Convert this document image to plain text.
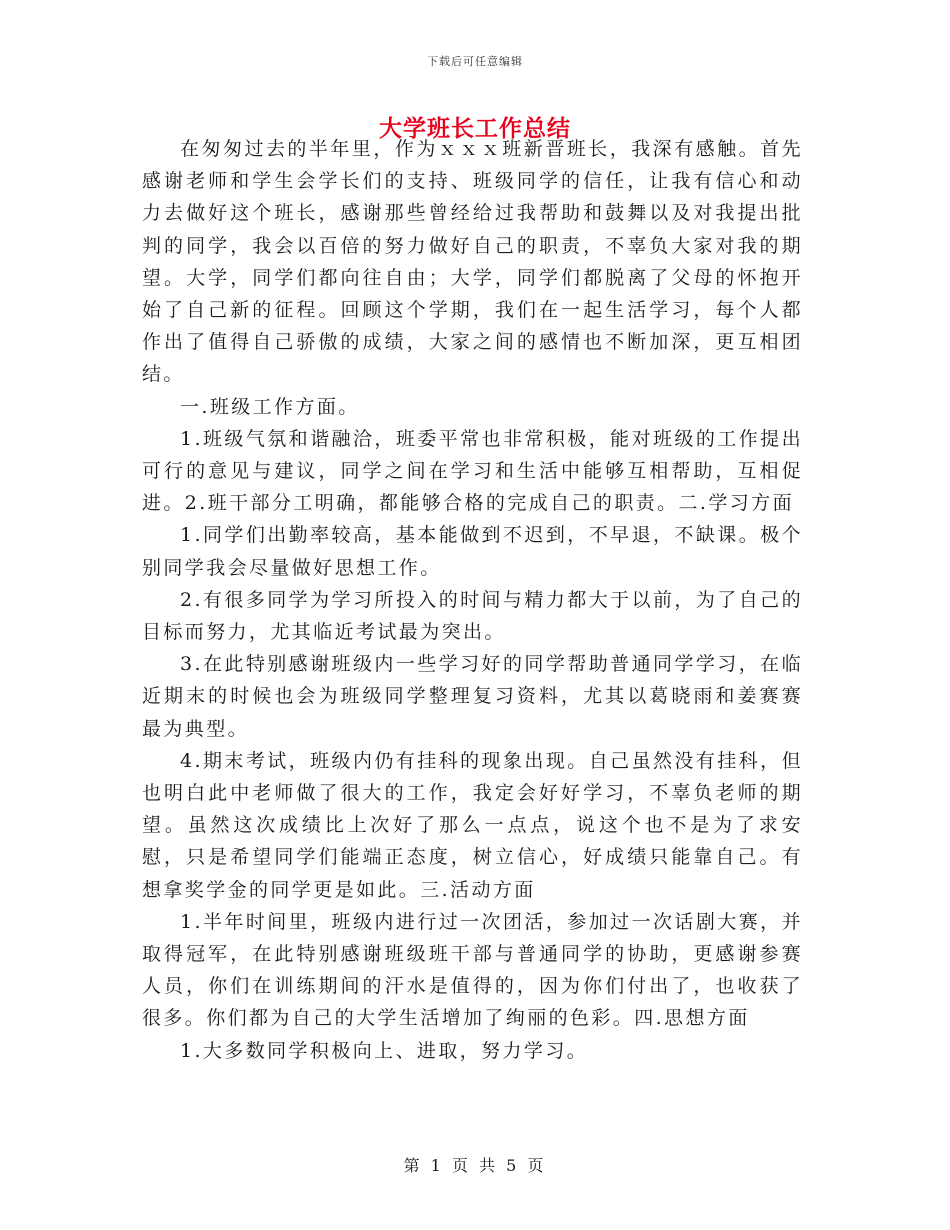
下载后可任意编辑
大学班长工作总结

在匆匆过去的半年里，作为ｘｘｘ班新晋班长，我深有感触。首先感谢老师和学生会学长们的支持、班级同学的信任，让我有信心和动力去做好这个班长，感谢那些曾经给过我帮助和鼓舞以及对我提出批判的同学，我会以百倍的努力做好自己的职责，不辜负大家对我的期望。大学，同学们都向往自由；大学，同学们都脱离了父母的怀抱开始了自己新的征程。回顾这个学期，我们在一起生活学习，每个人都作出了值得自己骄傲的成绩，大家之间的感情也不断加深，更互相团结。

一.班级工作方面。

1.班级气氛和谐融洽，班委平常也非常积极，能对班级的工作提出可行的意见与建议，同学之间在学习和生活中能够互相帮助，互相促进。2.班干部分工明确，都能够合格的完成自己的职责。二.学习方面

1.同学们出勤率较高，基本能做到不迟到，不早退，不缺课。极个别同学我会尽量做好思想工作。

2.有很多同学为学习所投入的时间与精力都大于以前，为了自己的目标而努力，尤其临近考试最为突出。

3.在此特别感谢班级内一些学习好的同学帮助普通同学学习，在临近期末的时候也会为班级同学整理复习资料，尤其以葛晓雨和姜赛赛最为典型。

4.期末考试，班级内仍有挂科的现象出现。自己虽然没有挂科，但也明白此中老师做了很大的工作，我定会好好学习，不辜负老师的期望。虽然这次成绩比上次好了那么一点点，说这个也不是为了求安慰，只是希望同学们能端正态度，树立信心，好成绩只能靠自己。有想拿奖学金的同学更是如此。三.活动方面

1.半年时间里，班级内进行过一次团活，参加过一次话剧大赛，并取得冠军，在此特别感谢班级班干部与普通同学的协助，更感谢参赛人员，你们在训练期间的汗水是值得的，因为你们付出了，也收获了很多。你们都为自己的大学生活增加了绚丽的色彩。四.思想方面

1.大多数同学积极向上、进取，努力学习。

第 1 页 共 5 页
